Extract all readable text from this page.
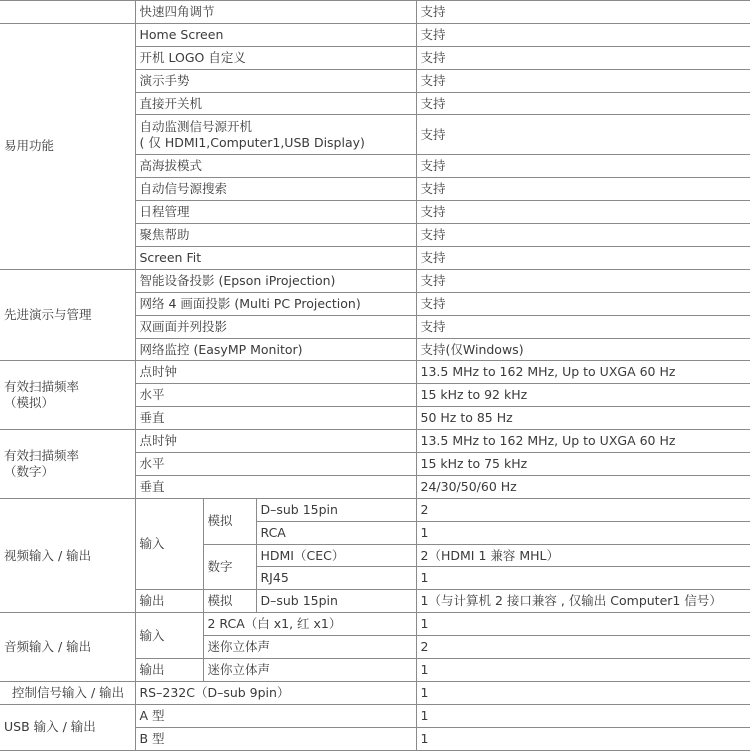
	快速四角调节			支持
易用功能	Home Screen			支持
	开机 LOGO 自定义			支持
	演示手势			支持
	直接开关机			支持

	自动监测信号源开机
( 仅 HDMI1,Computer1,USB Display)			支持
	高海拔模式			支持
	自动信号源搜索			支持
	日程管理			支持
	聚焦帮助			支持
	Screen Fit			支持
先进演示与管理	智能设备投影 (Epson iProjection)			支持
	网络 4 画面投影 (Multi PC Projection)			支持
	双画面并列投影			支持
	网络监控 (EasyMP Monitor)			支持(仅Windows)

有效扫描频率
（模拟）	点时钟			13.5 MHz to 162 MHz, Up to UXGA 60 Hz
	水平			15 kHz to 92 kHz
	垂直			50 Hz to 85 Hz

有效扫描频率
（数字）	点时钟			13.5 MHz to 162 MHz, Up to UXGA 60 Hz
	水平			15 kHz to 75 kHz
	垂直			24/30/50/60 Hz
视频输入 / 输出	输入	模拟	D–sub 15pin	2
			RCA	1
		数字	HDMI（CEC）	2（HDMI 1 兼容 MHL）
			RJ45	1
	输出	模拟	D–sub 15pin	1（与计算机 2 接口兼容 , 仅输出 Computer1 信号）
音频输入 / 输出	输入	2 RCA（白 x1, 红 x1）		1
		迷你立体声		2
	输出	迷你立体声		1
控制信号输入 / 输出	RS–232C（D–sub 9pin）			1
USB 输入 / 输出	A 型			1
	B 型			1
